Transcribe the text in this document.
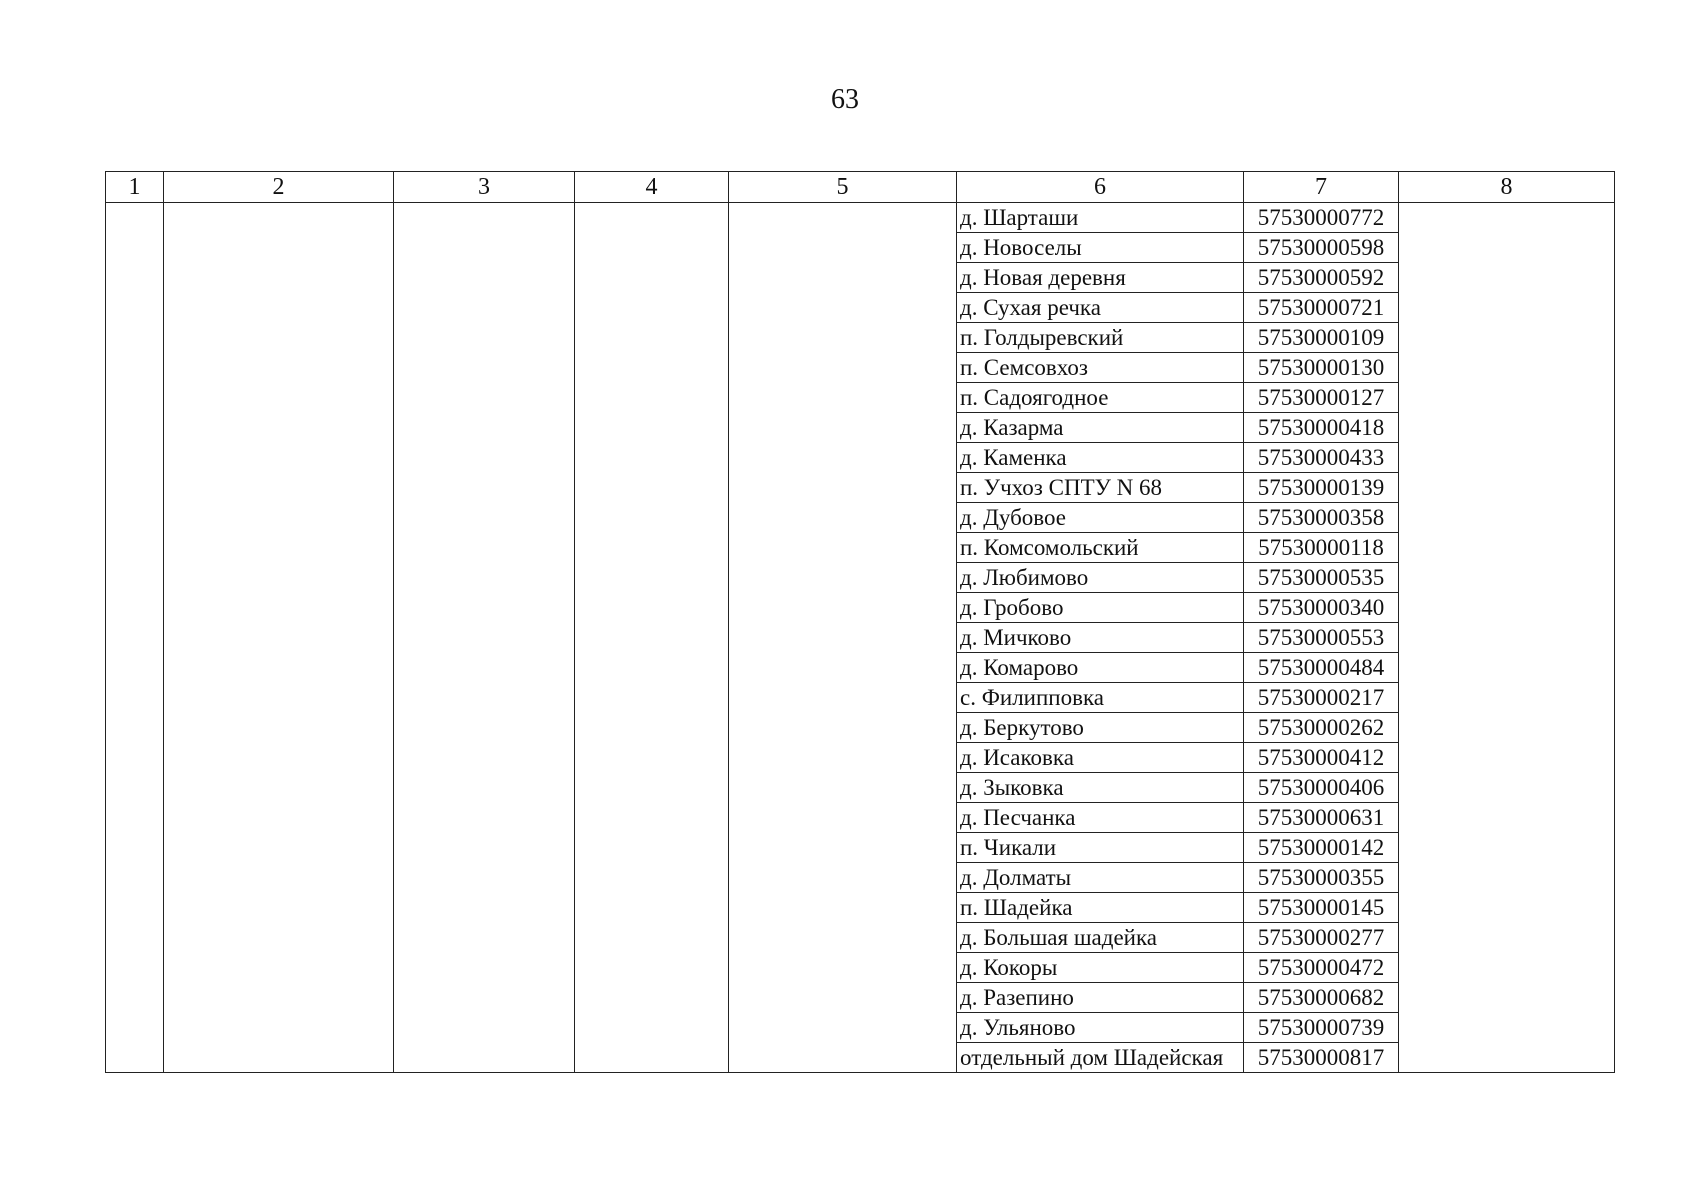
63
1	2	3	4	5	6	7	8
					д. Шарташи	57530000772	
					д. Новоселы	57530000598	
					д. Новая деревня	57530000592	
					д. Сухая речка	57530000721	
					п. Голдыревский	57530000109	
					п. Семсовхоз	57530000130	
					п. Садоягодное	57530000127	
					д. Казарма	57530000418	
					д. Каменка	57530000433	
					п. Учхоз СПТУ N 68	57530000139	
					д. Дубовое	57530000358	
					п. Комсомольский	57530000118	
					д. Любимово	57530000535	
					д. Гробово	57530000340	
					д. Мичково	57530000553	
					д. Комарово	57530000484	
					с. Филипповка	57530000217	
					д. Беркутово	57530000262	
					д. Исаковка	57530000412	
					д. Зыковка	57530000406	
					д. Песчанка	57530000631	
					п. Чикали	57530000142	
					д. Долматы	57530000355	
					п. Шадейка	57530000145	
					д. Большая шадейка	57530000277	
					д. Кокоры	57530000472	
					д. Разепино	57530000682	
					д. Ульяново	57530000739	
					отдельный дом Шадейская	57530000817	
